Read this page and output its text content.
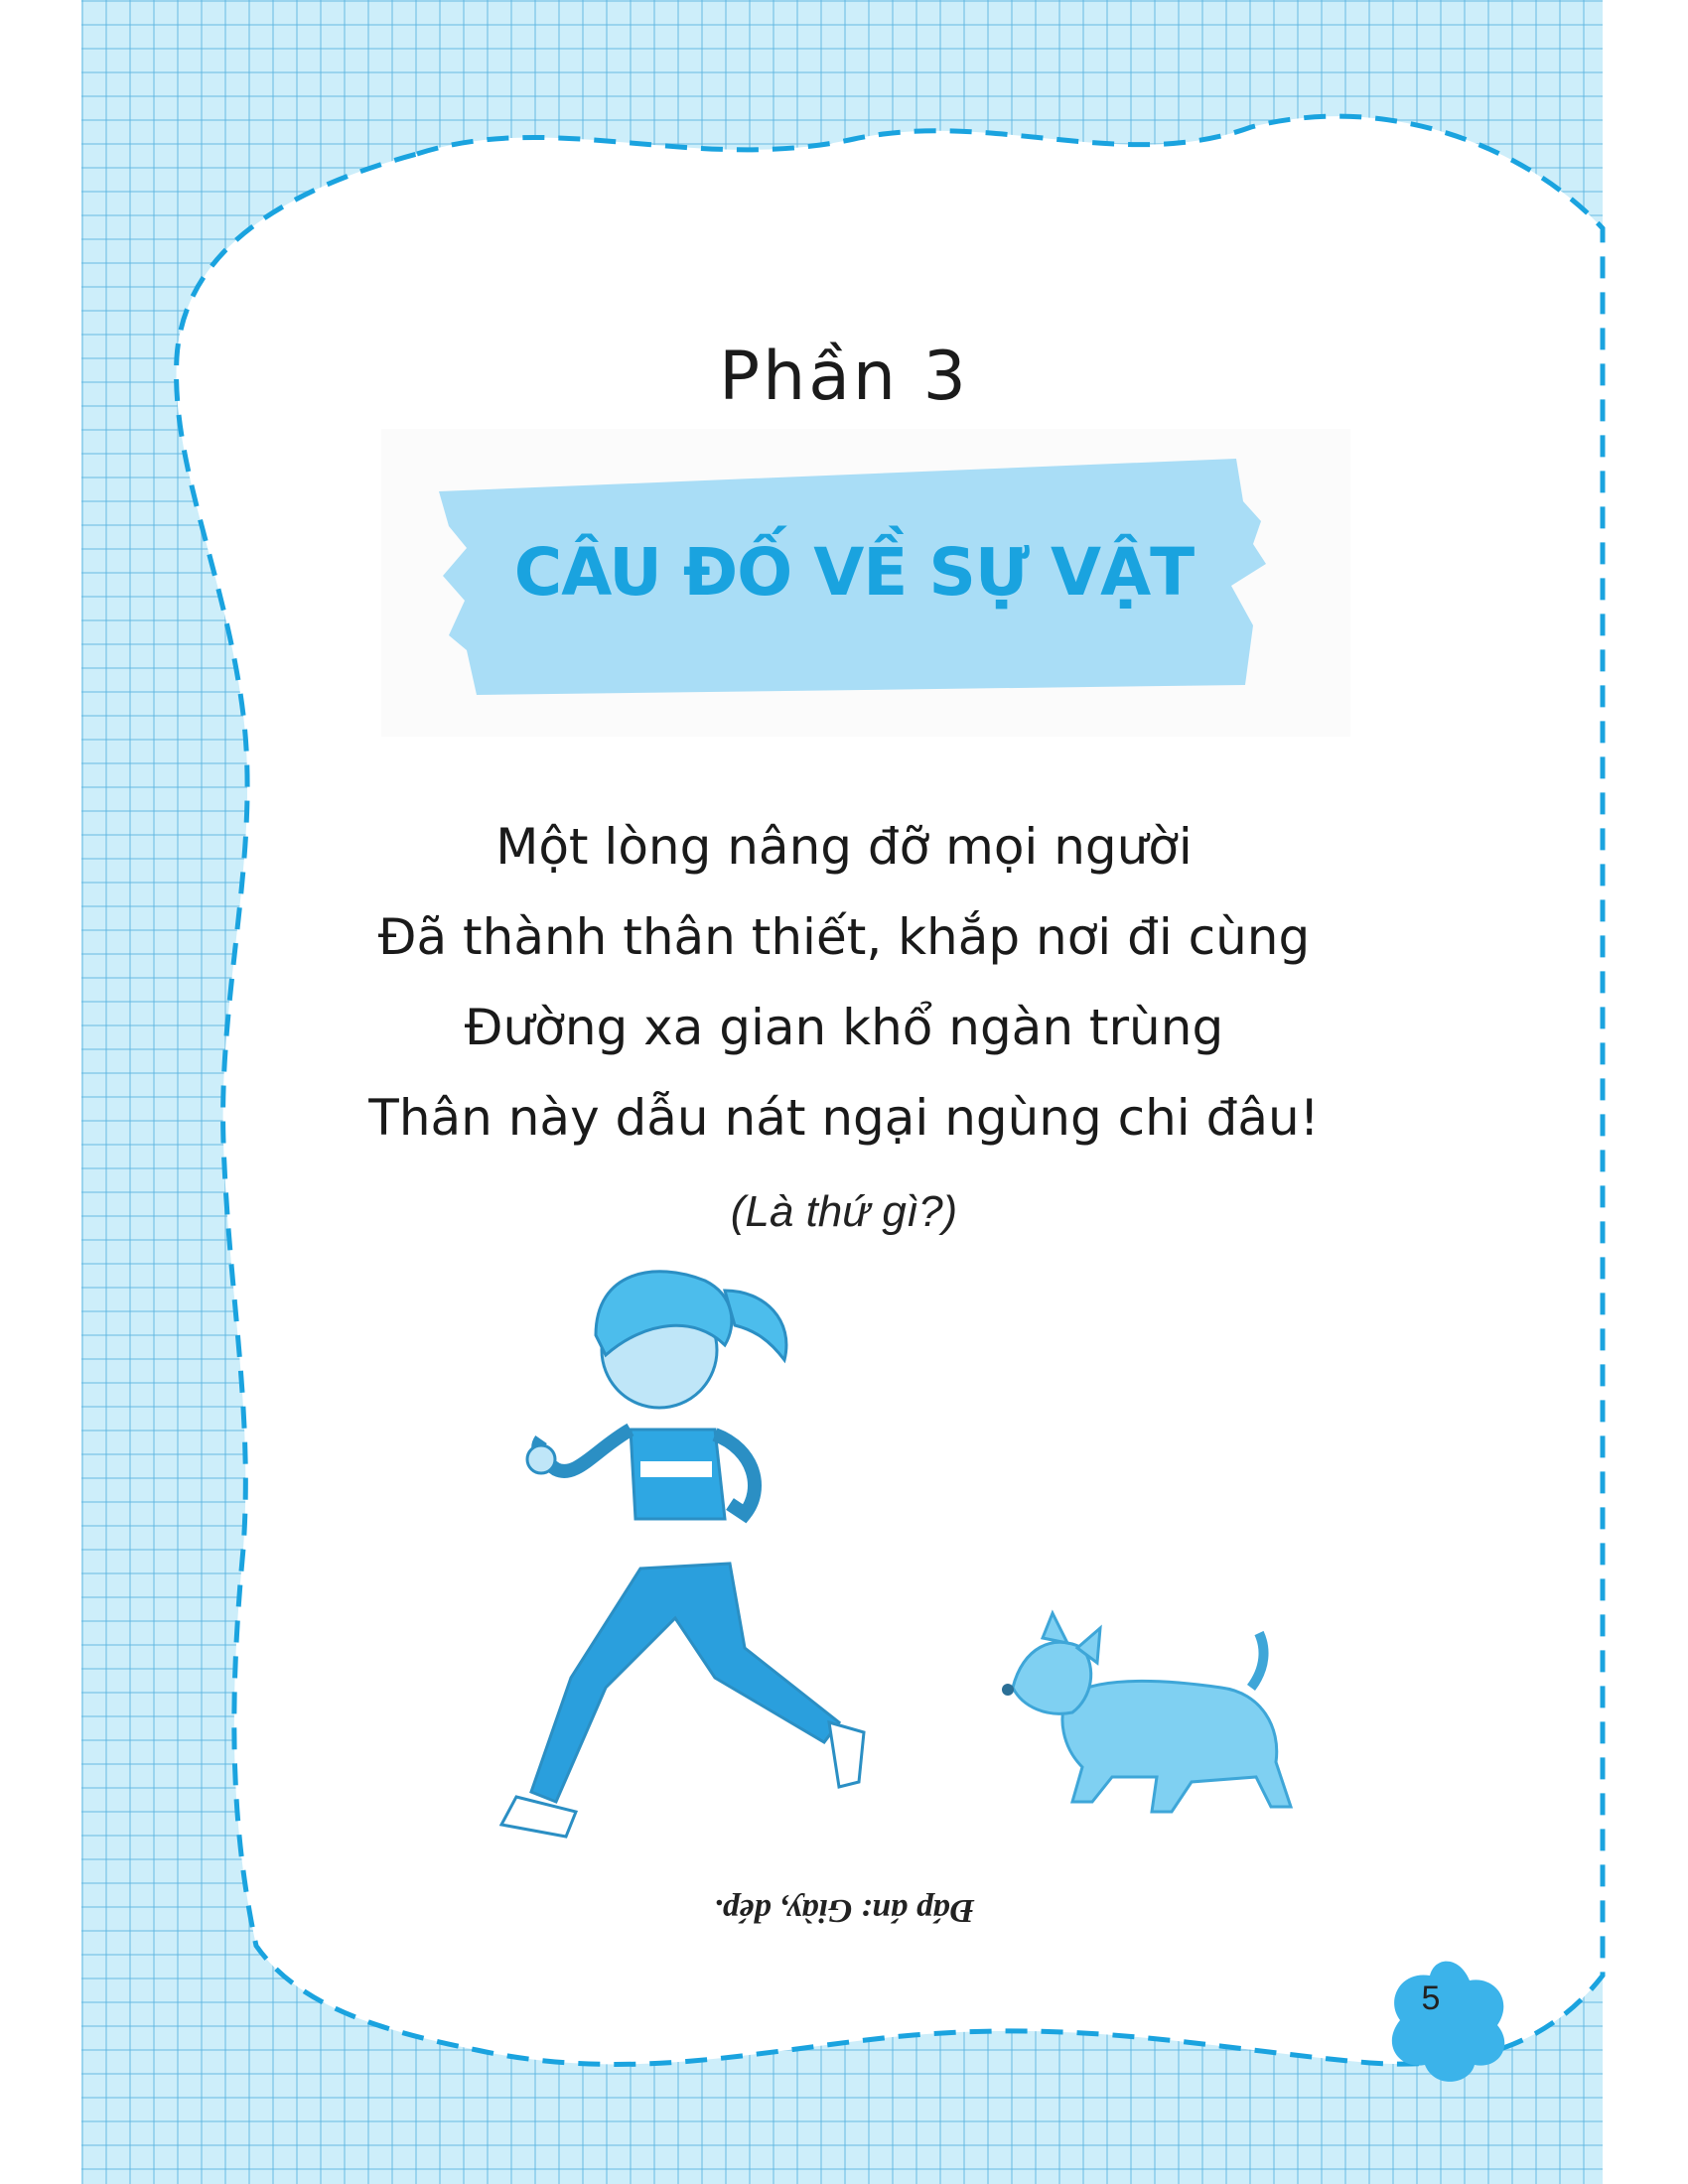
Phần 3
CÂU ĐỐ VỀ SỰ VẬT
Một lòng nâng đỡ mọi người
Đã thành thân thiết, khắp nơi đi cùng
Đường xa gian khổ ngàn trùng
Thân này dẫu nát ngại ngùng chi đâu!
(Là thứ gì?)
Đáp án: Giày, dép.
5
